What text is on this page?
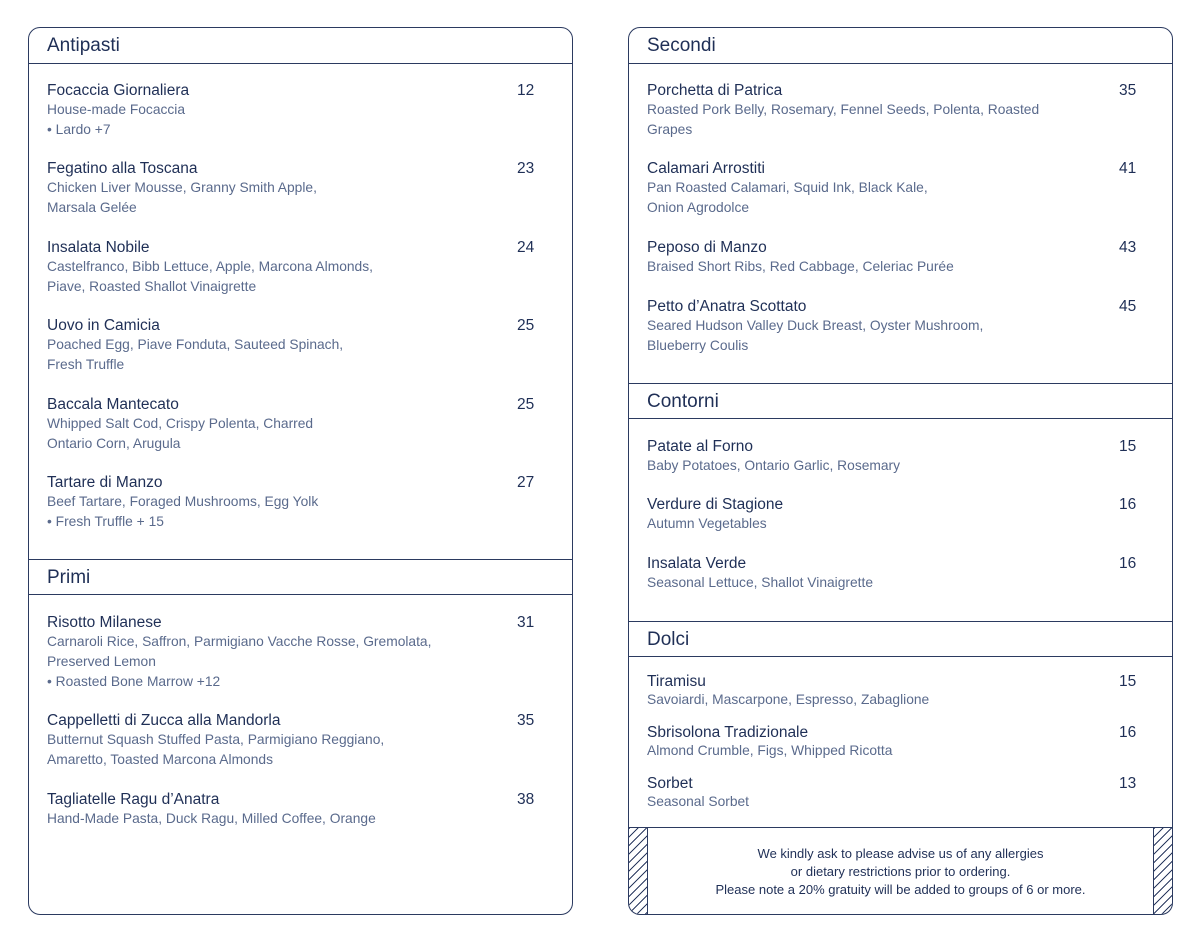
Antipasti
Focaccia Giornaliera
House-made Focaccia
• Lardo +7
12
Fegatino alla Toscana
Chicken Liver Mousse, Granny Smith Apple,
Marsala Gelée
23
Insalata Nobile
Castelfranco, Bibb Lettuce, Apple, Marcona Almonds,
Piave, Roasted Shallot Vinaigrette
24
Uovo in Camicia
Poached Egg, Piave Fonduta, Sauteed Spinach,
Fresh Truffle
25
Baccala Mantecato
Whipped Salt Cod, Crispy Polenta, Charred
Ontario Corn, Arugula
25
Tartare di Manzo
Beef Tartare, Foraged Mushrooms, Egg Yolk
• Fresh Truffle + 15
27
Primi
Risotto Milanese
Carnaroli Rice, Saffron, Parmigiano Vacche Rosse, Gremolata,
Preserved Lemon
• Roasted Bone Marrow +12
31
Cappelletti di Zucca alla Mandorla
Butternut Squash Stuffed Pasta, Parmigiano Reggiano,
Amaretto, Toasted Marcona Almonds
35
Tagliatelle Ragu d’Anatra
Hand-Made Pasta, Duck Ragu, Milled Coffee, Orange
38
Secondi
Porchetta di Patrica
Roasted Pork Belly, Rosemary, Fennel Seeds, Polenta, Roasted
Grapes
35
Calamari Arrostiti
Pan Roasted Calamari, Squid Ink, Black Kale,
Onion Agrodolce
41
Peposo di Manzo
Braised Short Ribs, Red Cabbage, Celeriac Purée
43
Petto d’Anatra Scottato
Seared Hudson Valley Duck Breast, Oyster Mushroom,
Blueberry Coulis
45
Contorni
Patate al Forno
Baby Potatoes, Ontario Garlic, Rosemary
15
Verdure di Stagione
Autumn Vegetables
16
Insalata Verde
Seasonal Lettuce, Shallot Vinaigrette
16
Dolci
Tiramisu
Savoiardi, Mascarpone, Espresso, Zabaglione
15
Sbrisolona Tradizionale
Almond Crumble, Figs, Whipped Ricotta
16
Sorbet
Seasonal Sorbet
13
We kindly ask to please advise us of any allergies
or dietary restrictions prior to ordering.
Please note a 20% gratuity will be added to groups of 6 or more.
